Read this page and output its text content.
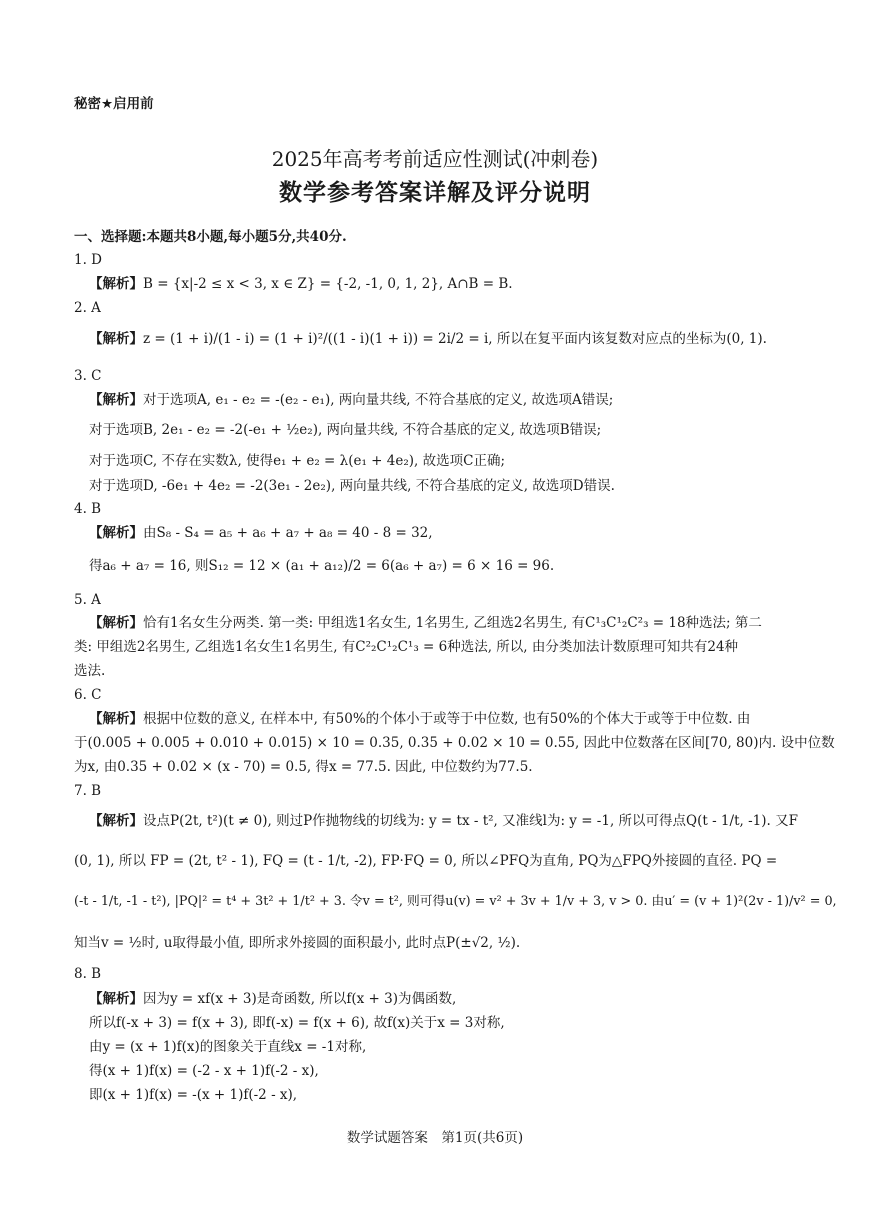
秘密★启用前
2025年高考考前适应性测试(冲刺卷)
数学参考答案详解及评分说明
一、选择题:本题共8小题,每小题5分,共40分.
1. D
【解析】B = {x|-2 ≤ x < 3, x ∈ Z} = {-2, -1, 0, 1, 2}, A∩B = B.
2. A
【解析】z = (1 + i)/(1 - i) = (1 + i)²/((1 - i)(1 + i)) = 2i/2 = i, 所以在复平面内该复数对应点的坐标为(0, 1).
3. C
【解析】对于选项A, e₁ - e₂ = -(e₂ - e₁), 两向量共线, 不符合基底的定义, 故选项A错误;
对于选项B, 2e₁ - e₂ = -2(-e₁ + ½e₂), 两向量共线, 不符合基底的定义, 故选项B错误;
对于选项C, 不存在实数λ, 使得e₁ + e₂ = λ(e₁ + 4e₂), 故选项C正确;
对于选项D, -6e₁ + 4e₂ = -2(3e₁ - 2e₂), 两向量共线, 不符合基底的定义, 故选项D错误.
4. B
【解析】由S₈ - S₄ = a₅ + a₆ + a₇ + a₈ = 40 - 8 = 32,
得a₆ + a₇ = 16, 则S₁₂ = 12 × (a₁ + a₁₂)/2 = 6(a₆ + a₇) = 6 × 16 = 96.
5. A
【解析】恰有1名女生分两类. 第一类: 甲组选1名女生, 1名男生, 乙组选2名男生, 有C¹₃C¹₂C²₃ = 18种选法; 第二
类: 甲组选2名男生, 乙组选1名女生1名男生, 有C²₂C¹₂C¹₃ = 6种选法, 所以, 由分类加法计数原理可知共有24种
选法.
6. C
【解析】根据中位数的意义, 在样本中, 有50%的个体小于或等于中位数, 也有50%的个体大于或等于中位数. 由
于(0.005 + 0.005 + 0.010 + 0.015) × 10 = 0.35, 0.35 + 0.02 × 10 = 0.55, 因此中位数落在区间[70, 80)内. 设中位数
为x, 由0.35 + 0.02 × (x - 70) = 0.5, 得x = 77.5. 因此, 中位数约为77.5.
7. B
【解析】设点P(2t, t²)(t ≠ 0), 则过P作抛物线的切线为: y = tx - t², 又准线l为: y = -1, 所以可得点Q(t - 1/t, -1). 又F
(0, 1), 所以 FP = (2t, t² - 1), FQ = (t - 1/t, -2), FP·FQ = 0, 所以∠PFQ为直角, PQ为△FPQ外接圆的直径. PQ =
(-t - 1/t, -1 - t²), |PQ|² = t⁴ + 3t² + 1/t² + 3. 令v = t², 则可得u(v) = v² + 3v + 1/v + 3, v > 0. 由u′ = (v + 1)²(2v - 1)/v² = 0,
知当v = ½时, u取得最小值, 即所求外接圆的面积最小, 此时点P(±√2, ½).
8. B
【解析】因为y = xf(x + 3)是奇函数, 所以f(x + 3)为偶函数,
所以f(-x + 3) = f(x + 3), 即f(-x) = f(x + 6), 故f(x)关于x = 3对称,
由y = (x + 1)f(x)的图象关于直线x = -1对称,
得(x + 1)f(x) = (-2 - x + 1)f(-2 - x),
即(x + 1)f(x) = -(x + 1)f(-2 - x),
数学试题答案　第1页(共6页)
